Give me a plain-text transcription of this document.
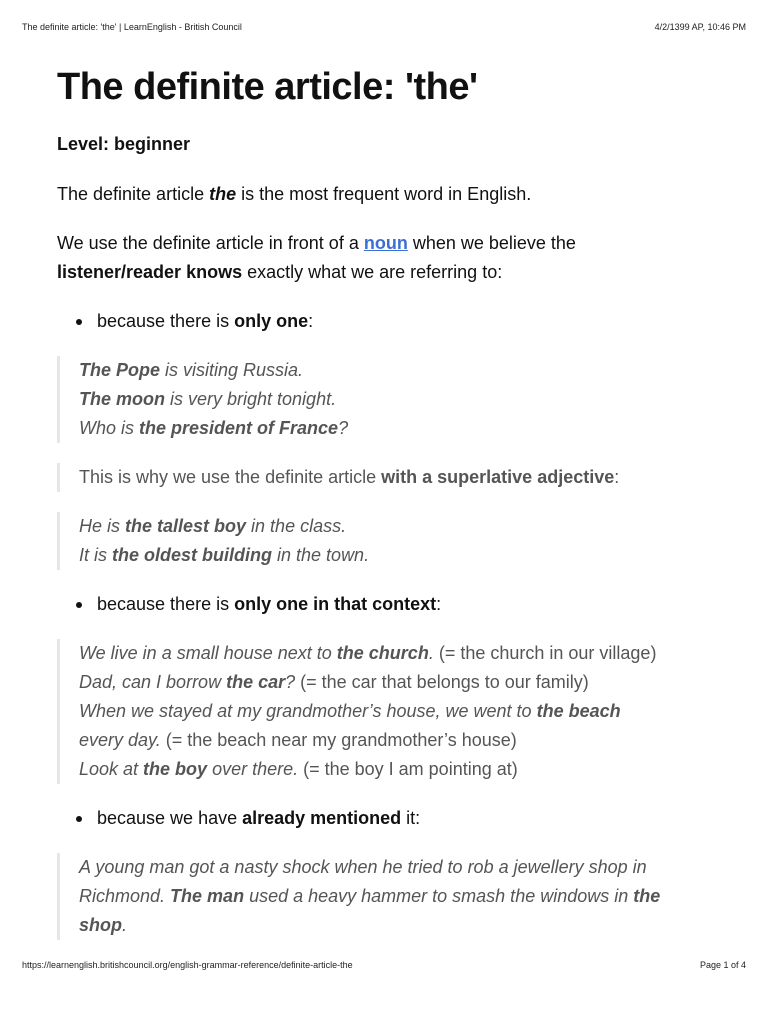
The definite article: 'the' | LearnEnglish - British Council	4/2/1399 AP, 10:46 PM
The definite article: 'the'
Level: beginner

The definite article the is the most frequent word in English.

We use the definite article in front of a noun when we believe the
listener/reader knows exactly what we are referring to:

because there is only one:
The Pope is visiting Russia.
The moon is very bright tonight.
Who is the president of France?
This is why we use the definite article with a superlative adjective:
He is the tallest boy in the class.
It is the oldest building in the town.
because there is only one in that context:
We live in a small house next to the church. (= the church in our village)
Dad, can I borrow the car? (= the car that belongs to our family)
When we stayed at my grandmother’s house, we went to the beach
every day. (= the beach near my grandmother’s house)
Look at the boy over there. (= the boy I am pointing at)
because we have already mentioned it:
A young man got a nasty shock when he tried to rob a jewellery shop in
Richmond. The man used a heavy hammer to smash the windows in the
shop.
https://learnenglish.britishcouncil.org/english-grammar-reference/definite-article-the	Page 1 of 4
